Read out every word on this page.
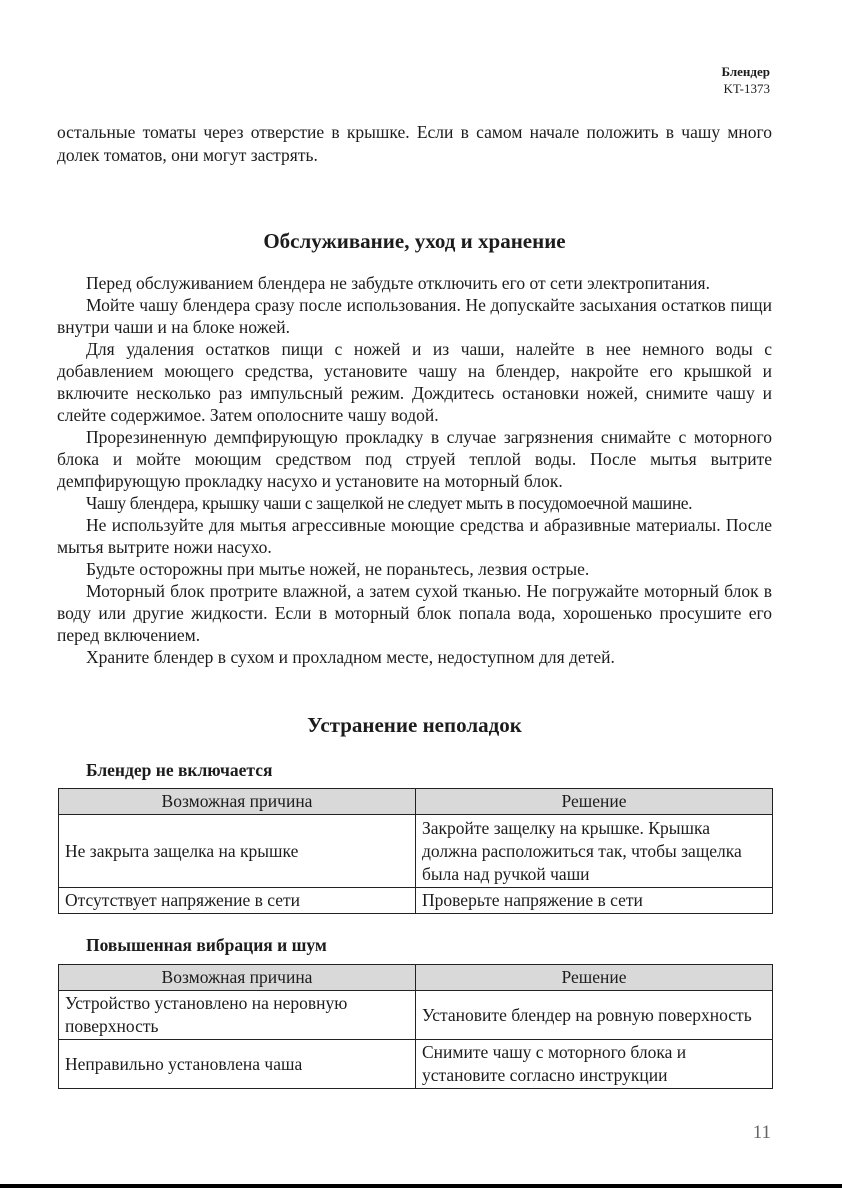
Блендер
KT-1373

остальные томаты через отверстие в крышке. Если в самом начале положить в чашу много долек томатов, они могут застрять.

Обслуживание, уход и хранение

Перед обслуживанием блендера не забудьте отключить его от сети электропитания.

Мойте чашу блендера сразу после использования. Не допускайте засыхания остатков пищи внутри чаши и на блоке ножей.

Для удаления остатков пищи с ножей и из чаши, налейте в нее немного воды с добавлением моющего средства, установите чашу на блендер, накройте его крышкой и включите несколько раз импульсный режим. Дождитесь остановки ножей, снимите чашу и слейте содержимое. Затем ополосните чашу водой.

Прорезиненную демпфирующую прокладку в случае загрязнения снимайте с моторного блока и мойте моющим средством под струей теплой воды. После мытья вытрите демпфирующую прокладку насухо и установите на моторный блок.

Чашу блендера, крышку чаши с защелкой не следует мыть в посудомоечной машине.

Не используйте для мытья агрессивные моющие средства и абразивные материалы. После мытья вытрите ножи насухо.

Будьте осторожны при мытье ножей, не пораньтесь, лезвия острые.

Моторный блок протрите влажной, а затем сухой тканью. Не погружайте моторный блок в воду или другие жидкости. Если в моторный блок попала вода, хорошенько просушите его перед включением.

Храните блендер в сухом и прохладном месте, недоступном для детей.

Устранение неполадок
Блендер не включается
Возможная причина	Решение
Не закрыта защелка на крышке	Закройте защелку на крышке. Крышка должна расположиться так, чтобы защелка была над ручкой чаши
Отсутствует напряжение в сети	Проверьте напряжение в сети
Повышенная вибрация и шум
Возможная причина	Решение
Устройство установлено на неровную поверхность	Установите блендер на ровную поверхность
Неправильно установлена чаша	Снимите чашу с моторного блока и установите согласно инструкции
11
